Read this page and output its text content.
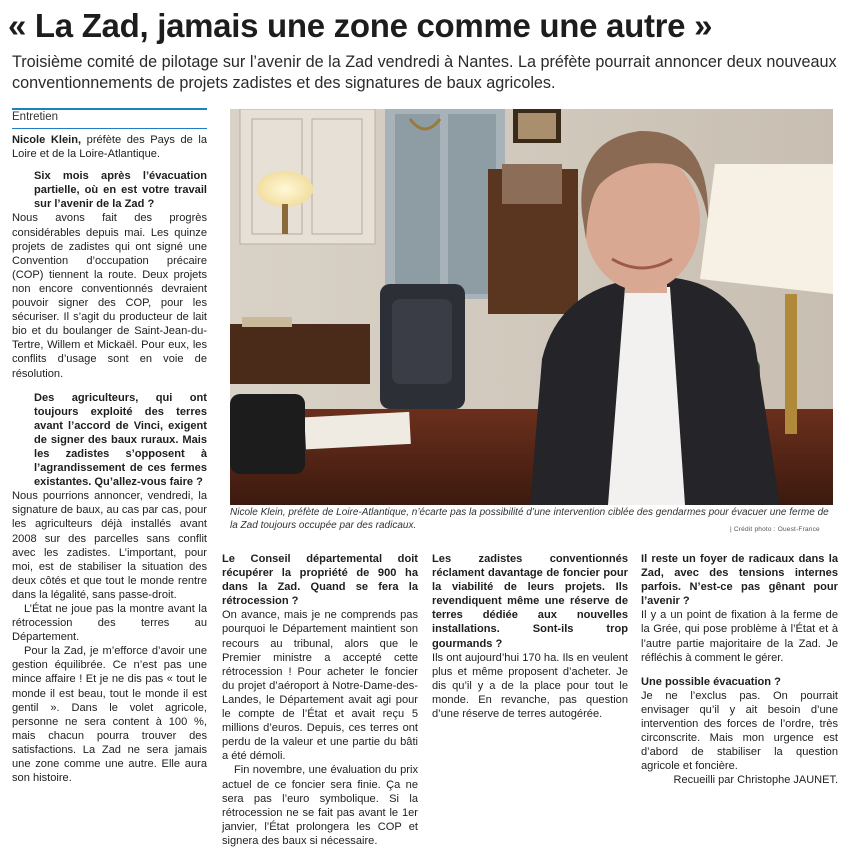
« La Zad, jamais une zone comme une autre »
Troisième comité de pilotage sur l’avenir de la Zad vendredi à Nantes. La préfète pourrait annoncer deux nouveaux conventionnements de projets zadistes et des signatures de baux agricoles.
Entretien

Nicole Klein, préfète des Pays de la Loire et de la Loire-Atlantique.

Six mois après l’évacuation partielle, où en est votre travail sur l’avenir de la Zad ?

Nous avons fait des progrès considérables depuis mai. Les quinze projets de zadistes qui ont signé une Convention d’occupation précaire (COP) tiennent la route. Deux projets non encore conventionnés devraient pouvoir signer des COP, pour les sécuriser. Il s’agit du producteur de lait bio et du boulanger de Saint-Jean-du-Tertre, Willem et Mickaël. Pour eux, les conflits d’usage sont en voie de résolution.

Des agriculteurs, qui ont toujours exploité des terres avant l’accord de Vinci, exigent de signer des baux ruraux. Mais les zadistes s’opposent à l’agrandissement de ces fermes existantes. Qu’allez-vous faire ?

Nous pourrions annoncer, vendredi, la signature de baux, au cas par cas, pour les agriculteurs déjà installés avant 2008 sur des parcelles sans conflit avec les zadistes. L’important, pour moi, est de stabiliser la situation des deux côtés et que tout le monde rentre dans la légalité, sans passe-droit.

L’État ne joue pas la montre avant la rétrocession des terres au Département.

Pour la Zad, je m’efforce d’avoir une gestion équilibrée. Ce n’est pas une mince affaire ! Et je ne dis pas « tout le monde il est beau, tout le monde il est gentil ». Dans le volet agricole, personne ne sera content à 100 %, mais chacun pourra trouver des satisfactions. La Zad ne sera jamais une zone comme une autre. Elle aura son histoire.

Nicole Klein, préfète de Loire-Atlantique, n’écarte pas la possibilité d’une intervention ciblée des gendarmes pour évacuer une ferme de la Zad toujours occupée par des radicaux.	| Crédit photo : Ouest-France

Le Conseil départemental doit récupérer la propriété de 900 ha dans la Zad. Quand se fera la rétrocession ?

On avance, mais je ne comprends pas pourquoi le Département maintient son recours au tribunal, alors que le Premier ministre a accepté cette rétrocession ! Pour acheter le foncier du projet d’aéroport à Notre-Dame-des-Landes, le Département avait agi pour le compte de l’État et avait reçu 5 millions d’euros. Depuis, ces terres ont perdu de la valeur et une partie du bâti a été démoli.

Fin novembre, une évaluation du prix actuel de ce foncier sera finie. Ça ne sera pas l’euro symbolique. Si la rétrocession ne se fait pas avant le 1er janvier, l’État prolongera les COP et signera des baux si nécessaire.

Les zadistes conventionnés réclament davantage de foncier pour la viabilité de leurs projets. Ils revendiquent même une réserve de terres dédiée aux nouvelles installations. Sont-ils trop gourmands ?

Ils ont aujourd’hui 170 ha. Ils en veulent plus et même proposent d’acheter. Je dis qu’il y a de la place pour tout le monde. En revanche, pas question d’une réserve de terres autogérée.

Il reste un foyer de radicaux dans la Zad, avec des tensions internes parfois. N’est-ce pas gênant pour l’avenir ?

Il y a un point de fixation à la ferme de la Grée, qui pose problème à l’État et à l’autre partie majoritaire de la Zad. Je réfléchis à comment le gérer.

Une possible évacuation ?

Je ne l’exclus pas. On pourrait envisager qu’il y ait besoin d’une intervention des forces de l’ordre, très circonscrite. Mais mon urgence est d’abord de stabiliser la question agricole et foncière.

Recueilli par Christophe JAUNET.
